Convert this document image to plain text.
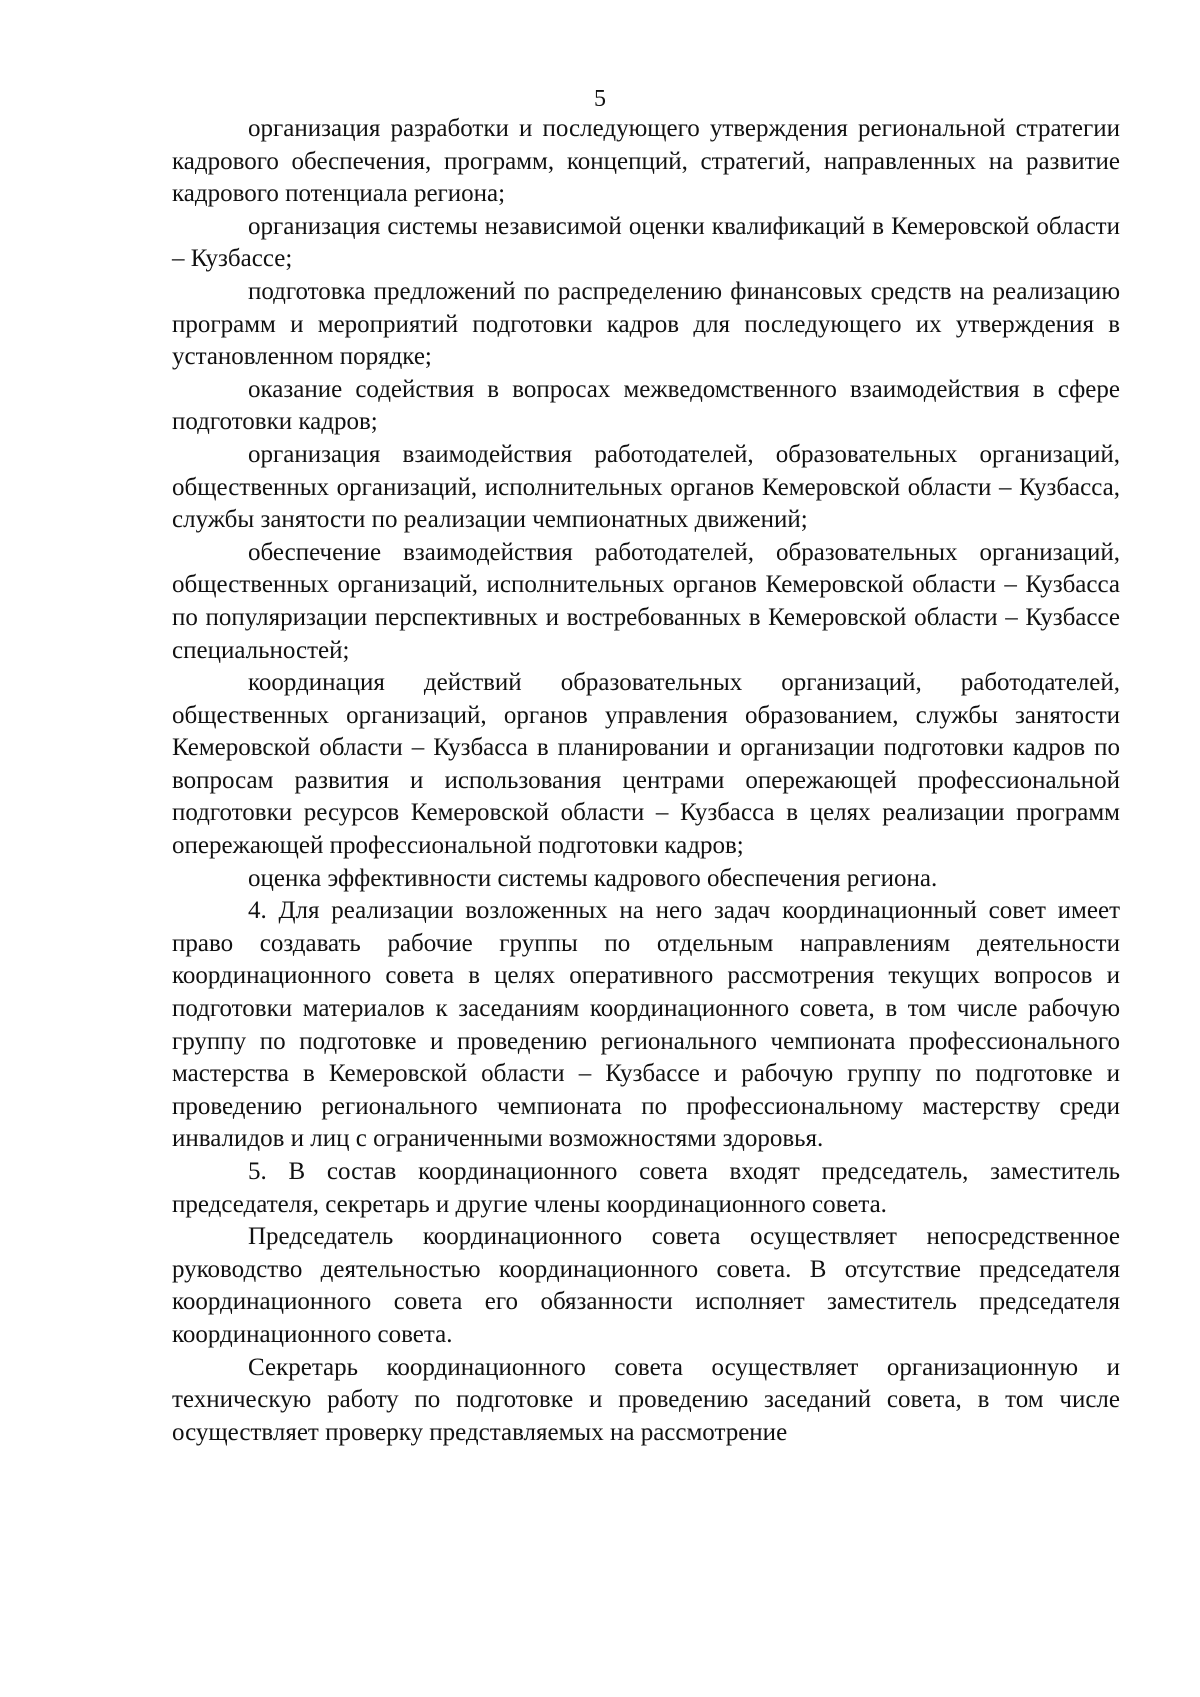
5

организация разработки и последующего утверждения региональной стратегии кадрового обеспечения, программ, концепций, стратегий, направленных на развитие кадрового потенциала региона;

организация системы независимой оценки квалификаций в Кемеровской области – Кузбассе;

подготовка предложений по распределению финансовых средств на реализацию программ и мероприятий подготовки кадров для последующего их утверждения в установленном порядке;

оказание содействия в вопросах межведомственного взаимодействия в сфере подготовки кадров;

организация взаимодействия работодателей, образовательных организаций, общественных организаций, исполнительных органов Кемеровской области – Кузбасса, службы занятости по реализации чемпионатных движений;

обеспечение взаимодействия работодателей, образовательных организаций, общественных организаций, исполнительных органов Кемеровской области – Кузбасса по популяризации перспективных и востребованных в Кемеровской области – Кузбассе специальностей;

координация действий образовательных организаций, работодателей, общественных организаций, органов управления образованием, службы занятости Кемеровской области – Кузбасса в планировании и организации подготовки кадров по вопросам развития и использования центрами опережающей профессиональной подготовки ресурсов Кемеровской области – Кузбасса в целях реализации программ опережающей профессиональной подготовки кадров;

оценка эффективности системы кадрового обеспечения региона.

4. Для реализации возложенных на него задач координационный совет имеет право создавать рабочие группы по отдельным направлениям деятельности координационного совета в целях оперативного рассмотрения текущих вопросов и подготовки материалов к заседаниям координационного совета, в том числе рабочую группу по подготовке и проведению регионального чемпионата профессионального мастерства в Кемеровской области – Кузбассе и рабочую группу по подготовке и проведению регионального чемпионата по профессиональному мастерству среди инвалидов и лиц с ограниченными возможностями здоровья.

5. В состав координационного совета входят председатель, заместитель председателя, секретарь и другие члены координационного совета.

Председатель координационного совета осуществляет непосредственное руководство деятельностью координационного совета. В отсутствие председателя координационного совета его обязанности исполняет заместитель председателя координационного совета.

Секретарь координационного совета осуществляет организационную и техническую работу по подготовке и проведению заседаний совета, в том числе осуществляет проверку представляемых на рассмотрение
